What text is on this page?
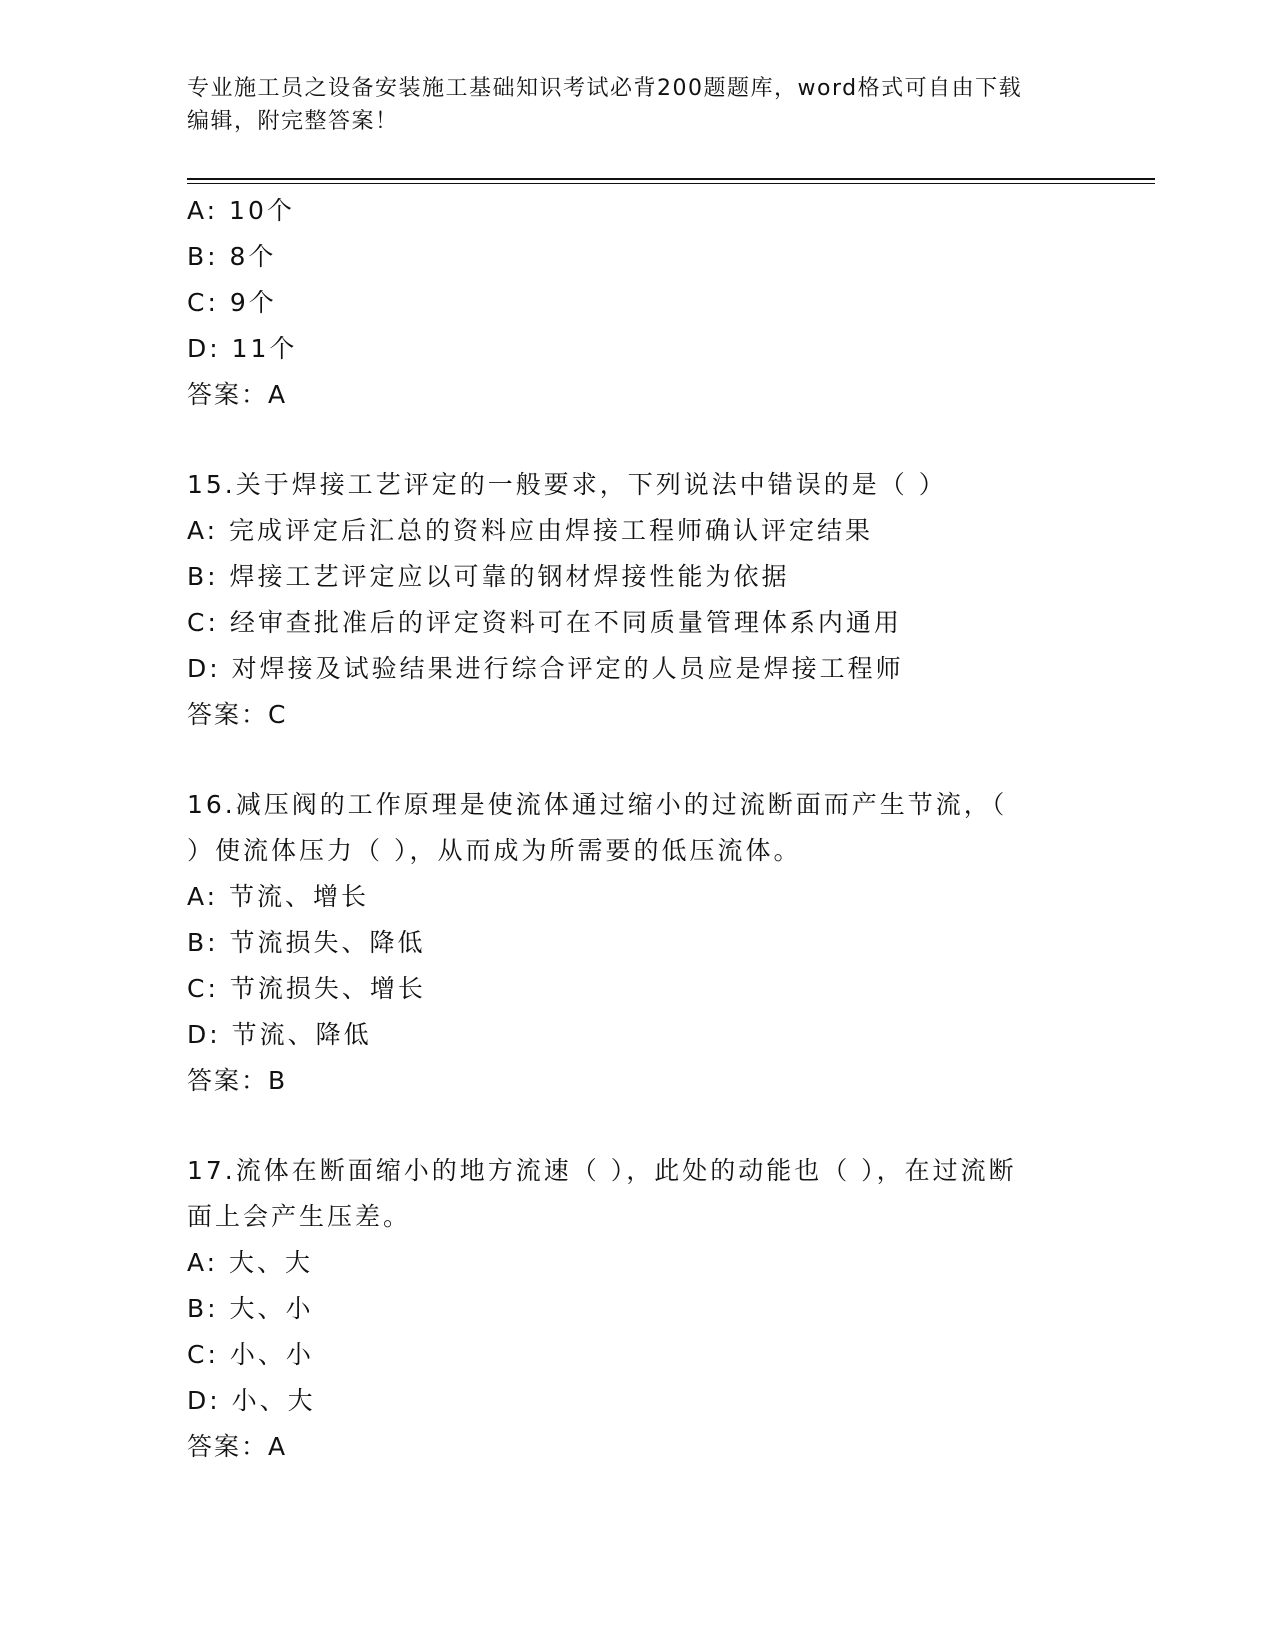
专业施工员之设备安装施工基础知识考试必背200题题库，word格式可自由下载
编辑，附完整答案！
A: 10个
B: 8个
C: 9个
D: 11个
答案：A
15.关于焊接工艺评定的一般要求，下列说法中错误的是（ ）
A: 完成评定后汇总的资料应由焊接工程师确认评定结果
B: 焊接工艺评定应以可靠的钢材焊接性能为依据
C: 经审查批准后的评定资料可在不同质量管理体系内通用
D: 对焊接及试验结果进行综合评定的人员应是焊接工程师
答案：C
16.减压阀的工作原理是使流体通过缩小的过流断面而产生节流，（
）使流体压力（ ），从而成为所需要的低压流体。
A: 节流、增长
B: 节流损失、降低
C: 节流损失、增长
D: 节流、降低
答案：B
17.流体在断面缩小的地方流速（ ），此处的动能也（ ），在过流断
面上会产生压差。
A: 大、大
B: 大、小
C: 小、小
D: 小、大
答案：A
